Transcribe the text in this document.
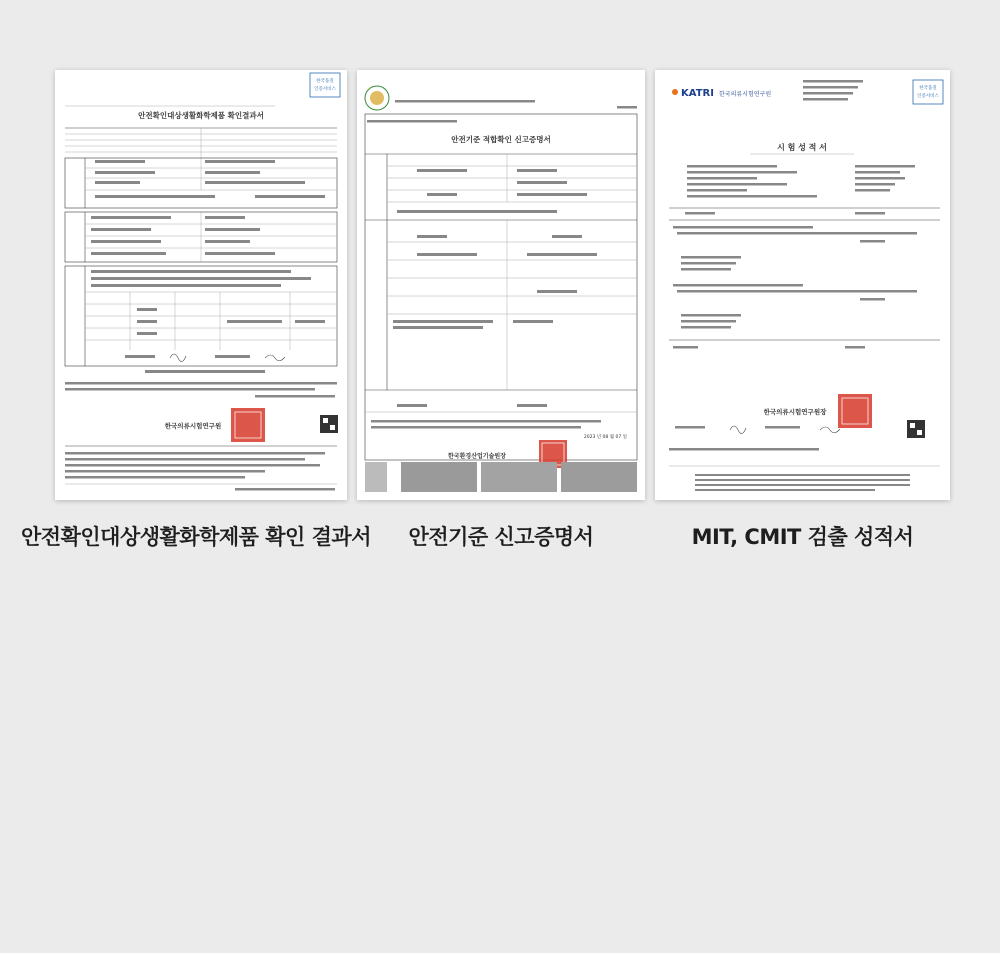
한국품질
인증서비스
안전확인대상생활화학제품 확인결과서
한국의류시험연구원
안전확인대상생활화학제품 확인 결과서
안전기준 적합확인 신고증명서
2023 년 08 월 07 일
한국환경산업기술원장
안전기준 신고증명서
KATRI 한국의류시험연구원
한국품질
인증서비스
시 험 성 적 서
한국의류시험연구원장
MIT, CMIT 검출 성적서
